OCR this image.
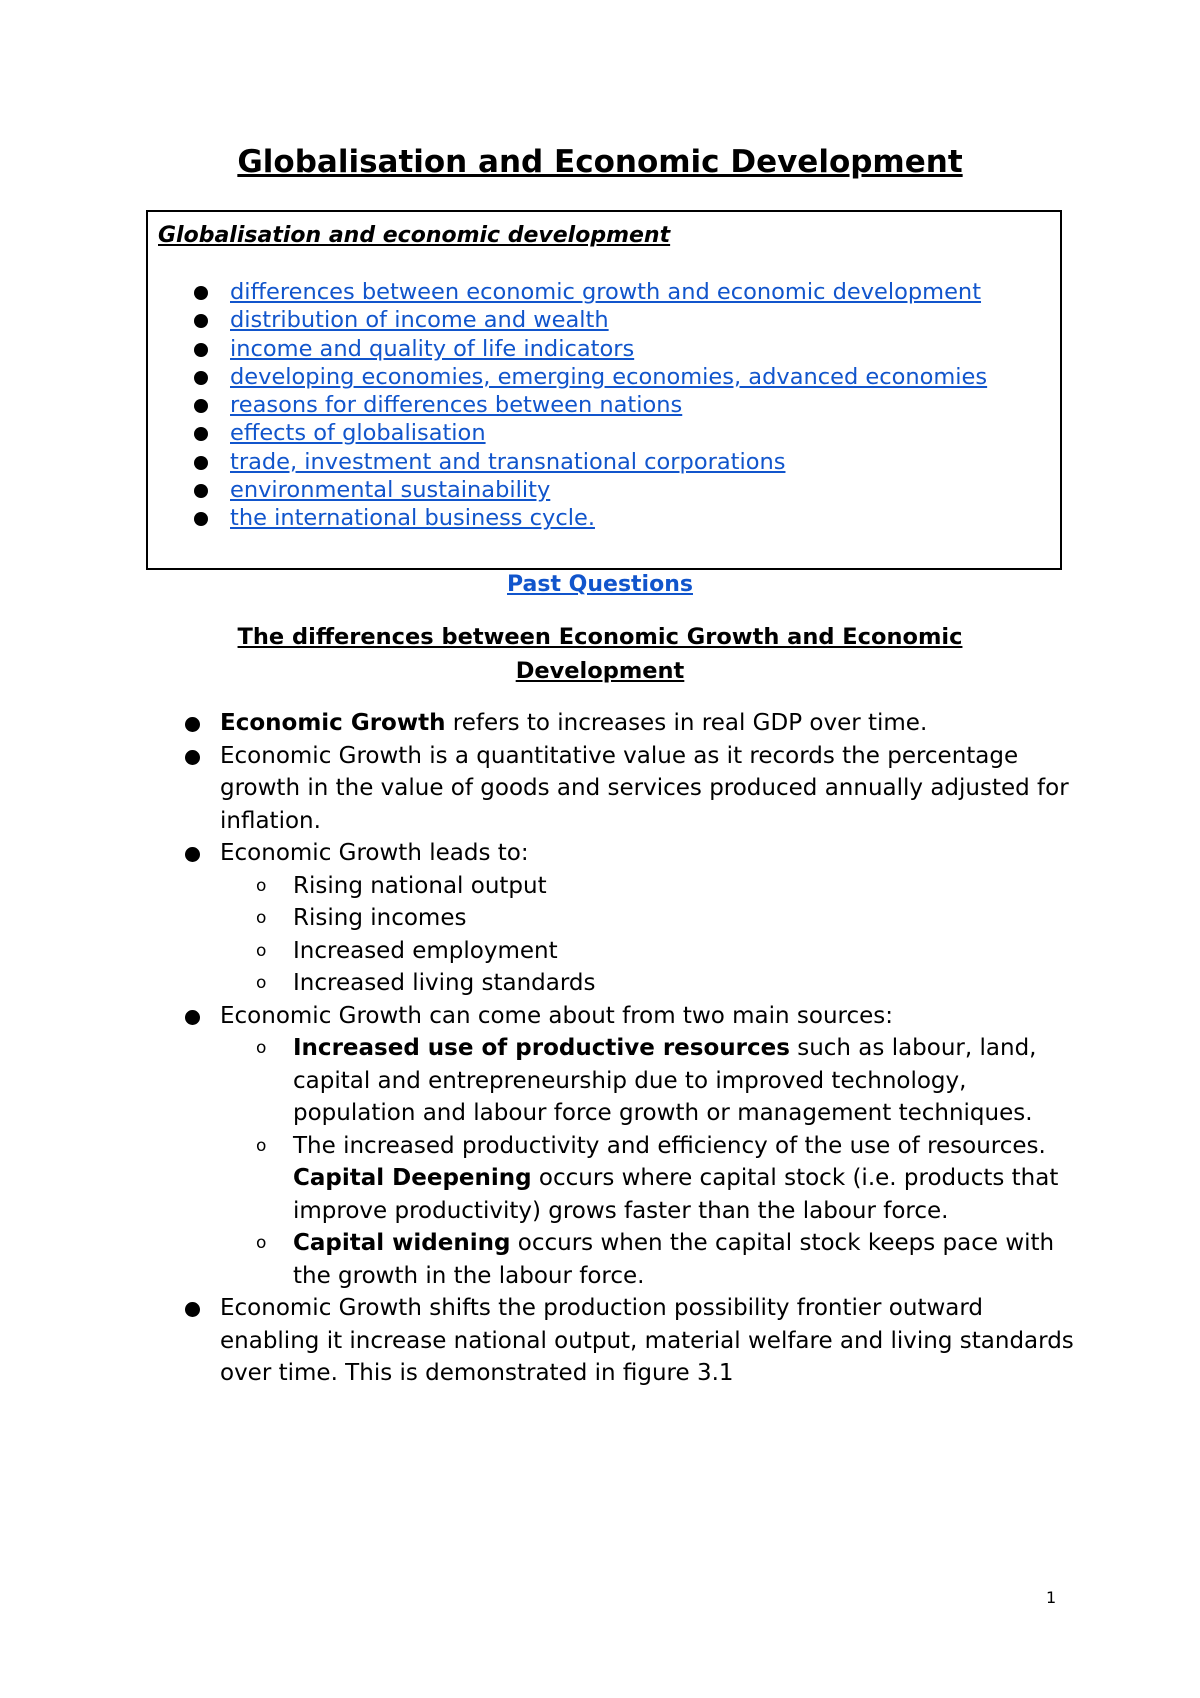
Globalisation and Economic Development

Globalisation and economic development

differences between economic growth and economic development
distribution of income and wealth
income and quality of life indicators
developing economies, emerging economies, advanced economies
reasons for differences between nations
effects of globalisation
trade, investment and transnational corporations
environmental sustainability
the international business cycle.
Past Questions
The differences between Economic Growth and Economic Development
Economic Growth refers to increases in real GDP over time.
Economic Growth is a quantitative value as it records the percentage growth in the value of goods and services produced annually adjusted for inflation.
Economic Growth leads to:
o Rising national output
o Rising incomes
o Increased employment
o Increased living standards
Economic Growth can come about from two main sources:
o Increased use of productive resources such as labour, land, capital and entrepreneurship due to improved technology, population and labour force growth or management techniques.
o The increased productivity and efficiency of the use of resources. Capital Deepening occurs where capital stock (i.e. products that improve productivity) grows faster than the labour force.
o Capital widening occurs when the capital stock keeps pace with the growth in the labour force.
Economic Growth shifts the production possibility frontier outward enabling it increase national output, material welfare and living standards over time. This is demonstrated in figure 3.1
1
